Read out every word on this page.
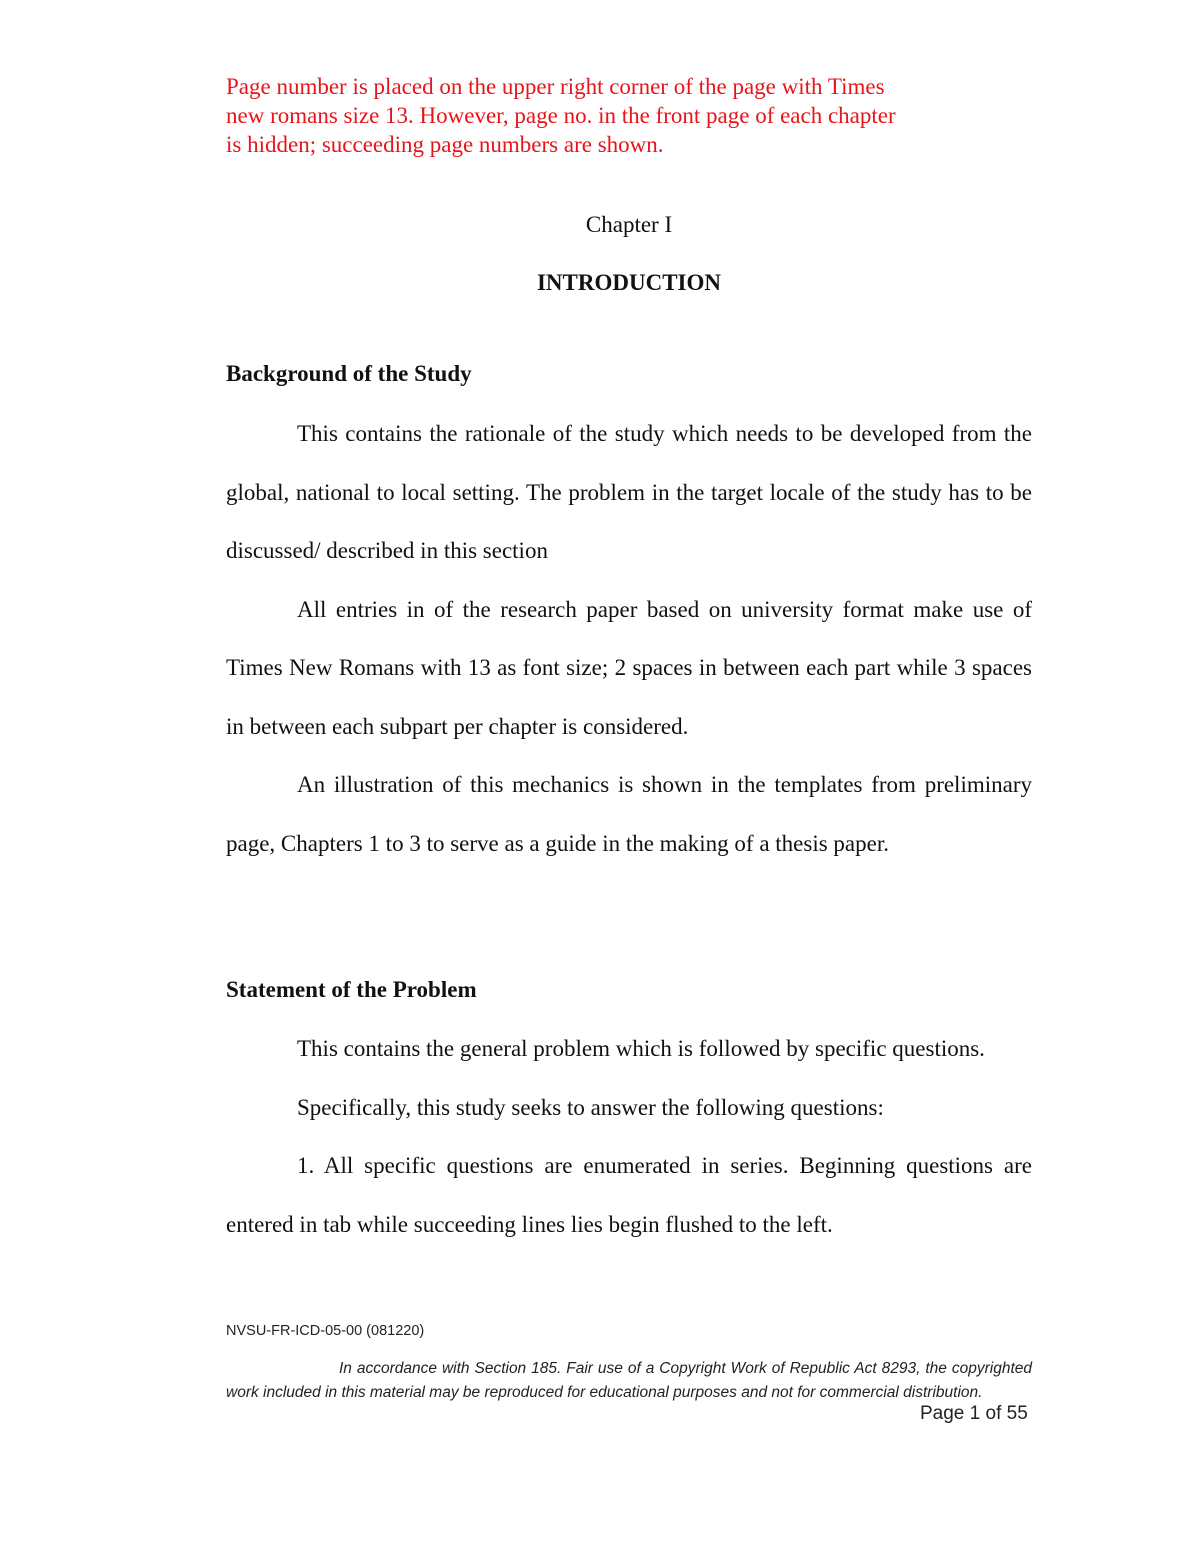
Page number is placed on the upper right corner of the page with Times
new romans size 13. However, page no. in the front page of each chapter
is hidden; succeeding page numbers are shown.
Chapter I
INTRODUCTION
Background of the Study

This contains the rationale of the study which needs to be developed from the global, national to local setting. The problem in the target locale of the study has to be discussed/ described in this section

All entries in of the research paper based on university format make use of Times New Romans with 13 as font size; 2 spaces in between each part while 3 spaces in between each subpart per chapter is considered.

An illustration of this mechanics is shown in the templates from preliminary page, Chapters 1 to 3 to serve as a guide in the making of a thesis paper.

Statement of the Problem

This contains the general problem which is followed by specific questions.

Specifically, this study seeks to answer the following questions:

1. All specific questions are enumerated in series. Beginning questions are entered in tab while succeeding lines lies begin flushed to the left.

NVSU-FR-ICD-05-00 (081220)
In accordance with Section 185. Fair use of a Copyright Work of Republic Act 8293, the copyrighted work included in this material may be reproduced for educational purposes and not for commercial distribution.
Page 1 of 55
